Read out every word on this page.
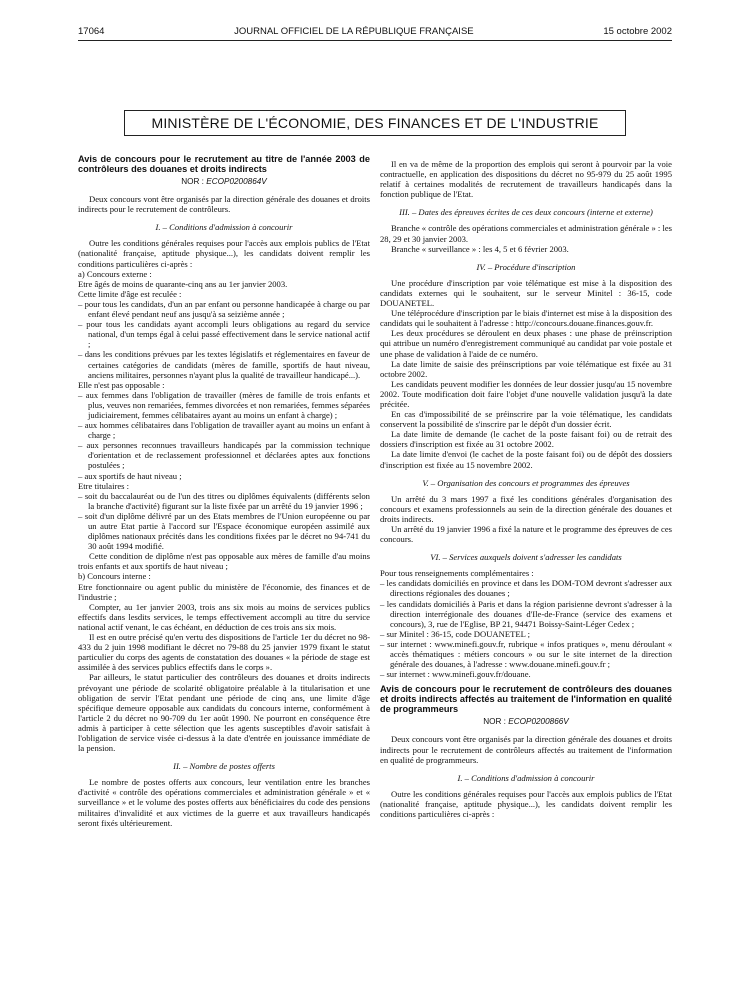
17064	JOURNAL OFFICIEL DE LA RÉPUBLIQUE FRANÇAISE	15 octobre 2002
MINISTÈRE DE L'ÉCONOMIE, DES FINANCES ET DE L'INDUSTRIE

Avis de concours pour le recrutement au titre de l'année 2003 de contrôleurs des douanes et droits indirects

NOR : ECOP0200864V

Deux concours vont être organisés par la direction générale des douanes et droits indirects pour le recrutement de contrôleurs.

I. – Conditions d'admission à concourir

Outre les conditions générales requises pour l'accès aux emplois publics de l'Etat (nationalité française, aptitude physique...), les candidats doivent remplir les conditions particulières ci-après :

a) Concours externe :

Etre âgés de moins de quarante-cinq ans au 1er janvier 2003.

Cette limite d'âge est reculée :

– pour tous les candidats, d'un an par enfant ou personne handicapée à charge ou par enfant élevé pendant neuf ans jusqu'à sa seizième année ;
– pour tous les candidats ayant accompli leurs obligations au regard du service national, d'un temps égal à celui passé effectivement dans le service national actif ;
– dans les conditions prévues par les textes législatifs et réglementaires en faveur de certaines catégories de candidats (mères de famille, sportifs de haut niveau, anciens militaires, personnes n'ayant plus la qualité de travailleur handicapé...).

Elle n'est pas opposable :

– aux femmes dans l'obligation de travailler (mères de famille de trois enfants et plus, veuves non remariées, femmes divorcées et non remariées, femmes séparées judiciairement, femmes célibataires ayant au moins un enfant à charge) ;
– aux hommes célibataires dans l'obligation de travailler ayant au moins un enfant à charge ;
– aux personnes reconnues travailleurs handicapés par la commission technique d'orientation et de reclassement professionnel et déclarées aptes aux fonctions postulées ;
– aux sportifs de haut niveau ;

Etre titulaires :

– soit du baccalauréat ou de l'un des titres ou diplômes équivalents (différents selon la branche d'activité) figurant sur la liste fixée par un arrêté du 19 janvier 1996 ;
– soit d'un diplôme délivré par un des Etats membres de l'Union européenne ou par un autre Etat partie à l'accord sur l'Espace économique européen assimilé aux diplômes nationaux précités dans les conditions fixées par le décret no 94-741 du 30 août 1994 modifié.

Cette condition de diplôme n'est pas opposable aux mères de famille d'au moins trois enfants et aux sportifs de haut niveau ;

b) Concours interne :

Etre fonctionnaire ou agent public du ministère de l'économie, des finances et de l'industrie ;

Compter, au 1er janvier 2003, trois ans six mois au moins de services publics effectifs dans lesdits services, le temps effectivement accompli au titre du service national actif venant, le cas échéant, en déduction de ces trois ans six mois.

Il est en outre précisé qu'en vertu des dispositions de l'article 1er du décret no 98-433 du 2 juin 1998 modifiant le décret no 79-88 du 25 janvier 1979 fixant le statut particulier du corps des agents de constatation des douanes « la période de stage est assimilée à des services publics effectifs dans le corps ».

Par ailleurs, le statut particulier des contrôleurs des douanes et droits indirects prévoyant une période de scolarité obligatoire préalable à la titularisation et une obligation de servir l'Etat pendant une période de cinq ans, une limite d'âge spécifique demeure opposable aux candidats du concours interne, conformément à l'article 2 du décret no 90-709 du 1er août 1990. Ne pourront en conséquence être admis à participer à cette sélection que les agents susceptibles d'avoir satisfait à l'obligation de service visée ci-dessus à la date d'entrée en jouissance immédiate de la pension.

II. – Nombre de postes offerts

Le nombre de postes offerts aux concours, leur ventilation entre les branches d'activité « contrôle des opérations commerciales et administration générale » et « surveillance » et le volume des postes offerts aux bénéficiaires du code des pensions militaires d'invalidité et aux victimes de la guerre et aux travailleurs handicapés seront fixés ultérieurement.

Il en va de même de la proportion des emplois qui seront à pourvoir par la voie contractuelle, en application des dispositions du décret no 95-979 du 25 août 1995 relatif à certaines modalités de recrutement de travailleurs handicapés dans la fonction publique de l'Etat.

III. – Dates des épreuves écrites de ces deux concours (interne et externe)

Branche « contrôle des opérations commerciales et administration générale » : les 28, 29 et 30 janvier 2003.

Branche « surveillance » : les 4, 5 et 6 février 2003.

IV. – Procédure d'inscription

Une procédure d'inscription par voie télématique est mise à la disposition des candidats externes qui le souhaitent, sur le serveur Minitel : 36-15, code DOUANETEL.

Une téléprocédure d'inscription par le biais d'internet est mise à la disposition des candidats qui le souhaitent à l'adresse : http://concours.douane.finances.gouv.fr.

Les deux procédures se déroulent en deux phases : une phase de préinscription qui attribue un numéro d'enregistrement communiqué au candidat par voie postale et une phase de validation à l'aide de ce numéro.

La date limite de saisie des préinscriptions par voie télématique est fixée au 31 octobre 2002.

Les candidats peuvent modifier les données de leur dossier jusqu'au 15 novembre 2002. Toute modification doit faire l'objet d'une nouvelle validation jusqu'à la date précitée.

En cas d'impossibilité de se préinscrire par la voie télématique, les candidats conservent la possibilité de s'inscrire par le dépôt d'un dossier écrit.

La date limite de demande (le cachet de la poste faisant foi) ou de retrait des dossiers d'inscription est fixée au 31 octobre 2002.

La date limite d'envoi (le cachet de la poste faisant foi) ou de dépôt des dossiers d'inscription est fixée au 15 novembre 2002.

V. – Organisation des concours et programmes des épreuves

Un arrêté du 3 mars 1997 a fixé les conditions générales d'organisation des concours et examens professionnels au sein de la direction générale des douanes et droits indirects.

Un arrêté du 19 janvier 1996 a fixé la nature et le programme des épreuves de ces concours.

VI. – Services auxquels doivent s'adresser les candidats

Pour tous renseignements complémentaires :

– les candidats domiciliés en province et dans les DOM-TOM devront s'adresser aux directions régionales des douanes ;
– les candidats domiciliés à Paris et dans la région parisienne devront s'adresser à la direction interrégionale des douanes d'Ile-de-France (service des examens et concours), 3, rue de l'Eglise, BP 21, 94471 Boissy-Saint-Léger Cedex ;
– sur Minitel : 36-15, code DOUANETEL ;
– sur internet : www.minefi.gouv.fr, rubrique « infos pratiques », menu déroulant « accès thématiques : métiers concours » ou sur le site internet de la direction générale des douanes, à l'adresse : www.douane.minefi.gouv.fr ;
– sur internet : www.minefi.gouv.fr/douane.

Avis de concours pour le recrutement de contrôleurs des douanes et droits indirects affectés au traitement de l'information en qualité de programmeurs

NOR : ECOP0200866V

Deux concours vont être organisés par la direction générale des douanes et droits indirects pour le recrutement de contrôleurs affectés au traitement de l'information en qualité de programmeurs.

I. – Conditions d'admission à concourir

Outre les conditions générales requises pour l'accès aux emplois publics de l'Etat (nationalité française, aptitude physique...), les candidats doivent remplir les conditions particulières ci-après :
